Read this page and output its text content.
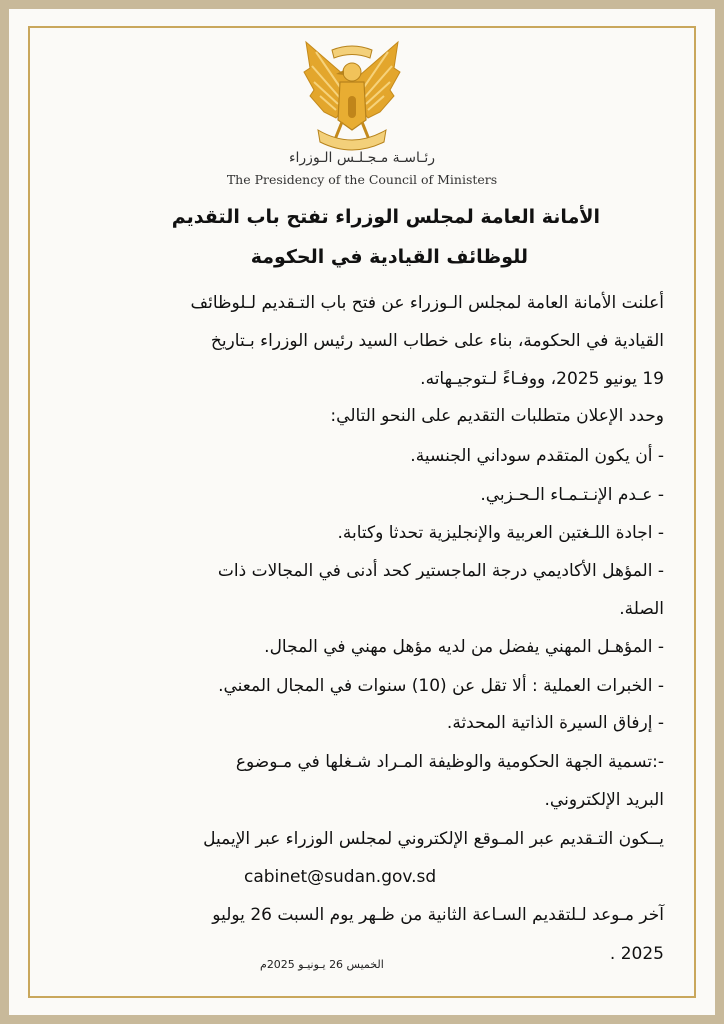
رئـاسـة مـجـلـس الـوزراء
The Presidency of the Council of Ministers
الأمانة العامة لمجلس الوزراء تفتح باب التقديم
للوظائف القيادية في الحكومة
أعلنت الأمانة العامة لمجلس الـوزراء عن فتح باب التـقديم لـلوظائف
القيادية في الحكومة، بناء على خطاب السيد رئيس الوزراء بـتاريخ
19 يونيو 2025، ووفـاءً لـتوجيـهاته.
وحدد الإعلان متطلبات التقديم على النحو التالي:
- أن يكون المتقدم سوداني الجنسية.
- عـدم الإنـتـمـاء الـحـزبي.
- اجادة اللـغتين العربية والإنجليزية تحدثا وكتابة.
- المؤهل الأكاديمي درجة الماجستير كحد أدنى في المجالات ذات
الصلة.
- المؤهـل المهني يفضل من لديه مؤهل مهني في المجال.
- الخبرات العملية : ألا تقل عن (10) سنوات في المجال المعني.
- إرفاق السيرة الذاتية المحدثة.
-:تسمية الجهة الحكومية والوظيفة المـراد شـغلها في مـوضوع
البريد الإلكتروني.
يــكون التـقديم عبر المـوقع الإلكتروني لمجلس الوزراء عبر الإيميل
cabinet@sudan.gov.sd
آخر مـوعد لـلتقديم السـاعة الثانية من ظـهر يوم السبت 26 يوليو
2025 .
الخميس 26 يـونيـو 2025م
